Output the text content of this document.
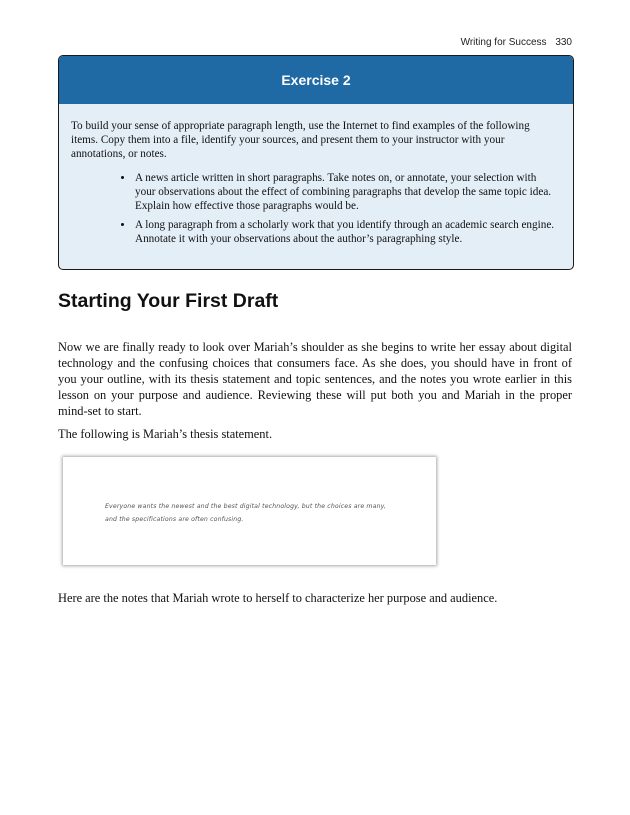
Writing for Success 330
Exercise 2

To build your sense of appropriate paragraph length, use the Internet to find examples of the following items. Copy them into a file, identify your sources, and present them to your instructor with your annotations, or notes.

• A news article written in short paragraphs. Take notes on, or annotate, your selection with your observations about the effect of combining paragraphs that develop the same topic idea. Explain how effective those paragraphs would be.
• A long paragraph from a scholarly work that you identify through an academic search engine. Annotate it with your observations about the author’s paragraphing style.
Starting Your First Draft

Now we are finally ready to look over Mariah’s shoulder as she begins to write her essay about digital technology and the confusing choices that consumers face. As she does, you should have in front of you your outline, with its thesis statement and topic sentences, and the notes you wrote earlier in this lesson on your purpose and audience. Reviewing these will put both you and Mariah in the proper mind-set to start.

The following is Mariah’s thesis statement.

Everyone wants the newest and the best digital technology, but the choices are many,
and the specifications are often confusing.

Here are the notes that Mariah wrote to herself to characterize her purpose and audience.
